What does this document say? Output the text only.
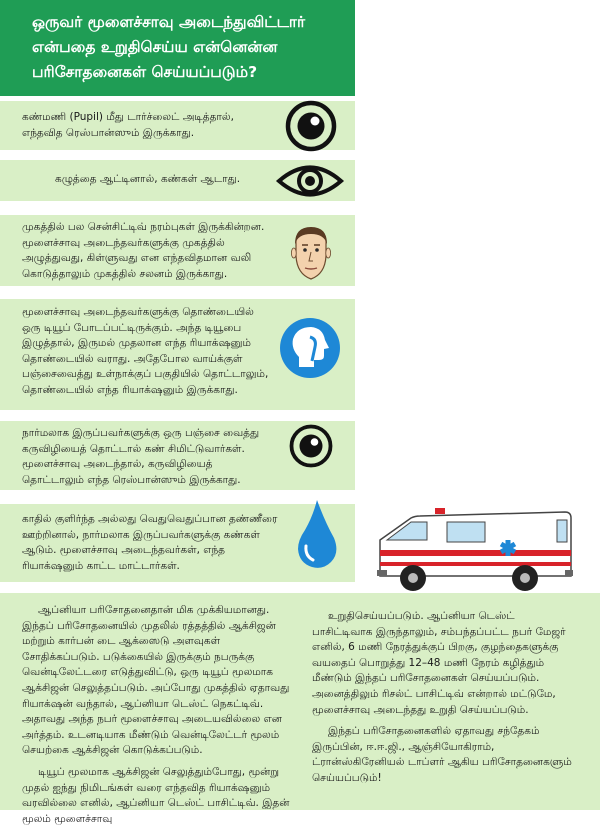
ஒருவர் மூளைச்சாவு அடைந்துவிட்டார் என்பதை உறுதிசெய்ய என்னென்ன பரிசோதனைகள் செய்யப்படும்?
கண்மணி (Pupil) மீது டார்ச்லைட் அடித்தால், எந்தவித ரெஸ்பான்ஸும் இருக்காது.
கழுத்தை ஆட்டினால், கண்கள் ஆடாது.
முகத்தில் பல சென்சிட்டிவ் நரம்புகள் இருக்கின்றன. மூளைச்சாவு அடைந்தவர்களுக்கு முகத்தில் அழுத்துவது, கிள்ளுவது என எந்தவிதமான வலி கொடுத்தாலும் முகத்தில் சலனம் இருக்காது.
மூளைச்சாவு அடைந்தவர்களுக்கு தொண்டையில் ஒரு டியூப் போடப்பட்டிருக்கும். அந்த டியூபை இழுத்தால், இருமல் முதலான எந்த ரியாக்‌ஷனும் தொண்டையில் வராது. அதேபோல வாய்க்குள் பஞ்சைவைத்து உள்நாக்குப் பகுதியில் தொட்டாலும், தொண்டையில் எந்த ரியாக்‌ஷனும் இருக்காது.
நார்மலாக இருப்பவர்களுக்கு ஒரு பஞ்சை வைத்து கருவிழியைத் தொட்டால் கண் சிமிட்டுவார்கள். மூளைச்சாவு அடைந்தால், கருவிழியைத் தொட்டாலும் எந்த ரெஸ்பான்ஸும் இருக்காது.
காதில் குளிர்ந்த அல்லது வெதுவெதுப்பான தண்ணீரை ஊற்றினால், நார்மலாக இருப்பவர்களுக்கு கண்கள் ஆடும். மூளைச்சாவு அடைந்தவர்கள், எந்த ரியாக்‌ஷனும் காட்ட மாட்டார்கள்.
AMBULANCE

ஆப்னியா பரிசோதனைதான் மிக முக்கியமானது. இந்தப் பரிசோதனையில் முதலில் ரத்தத்தில் ஆக்சிஜன் மற்றும் கார்பன் டை ஆக்ஸைடு அளவுகள் சோதிக்கப்படும். படுக்கையில் இருக்கும் நபருக்கு வென்டிலேட்டரை எடுத்துவிட்டு, ஒரு டியூப் மூலமாக ஆக்சிஜன் செலுத்தப்படும். அப்போது முகத்தில் ஏதாவது ரியாக்‌ஷன் வந்தால், ஆப்னியா டெஸ்ட் நெகட்டிவ். அதாவது அந்த நபர் மூளைச்சாவு அடையவில்லை என அர்த்தம். உடனடியாக மீண்டும் வென்டிலேட்டர் மூலம் செயற்கை ஆக்சிஜன் கொடுக்கப்படும்.

டியூப் மூலமாக ஆக்சிஜன் செலுத்தும்போது, மூன்று முதல் ஐந்து நிமிடங்கள் வரை எந்தவித ரியாக்‌ஷனும் வரவில்லை எனில், ஆப்னியா டெஸ்ட் பாசிட்டிவ். இதன் மூலம் மூளைச்சாவு

உறுதிசெய்யப்படும். ஆப்னியா டெஸ்ட் பாசிட்டிவாக இருந்தாலும், சம்பந்தப்பட்ட நபர் மேஜர் எனில், 6 மணி நேரத்துக்குப் பிறகு, குழந்தைகளுக்கு வயதைப் பொறுத்து 12–48 மணி நேரம் கழித்தும் மீண்டும் இந்தப் பரிசோதனைகள் செய்யப்படும். அனைத்திலும் ரிசல்ட் பாசிட்டிவ் என்றால் மட்டுமே, மூளைச்சாவு அடைந்தது உறுதி செய்யப்படும்.

இந்தப் பரிசோதனைகளில் ஏதாவது சந்தேகம் இருப்பின், ஈ.ஈ.ஜி., ஆஞ்சியோகிராம், ட்ரான்ஸ்கிரேனியல் டாப்ளர் ஆகிய பரிசோதனைகளும் செய்யப்படும்!
